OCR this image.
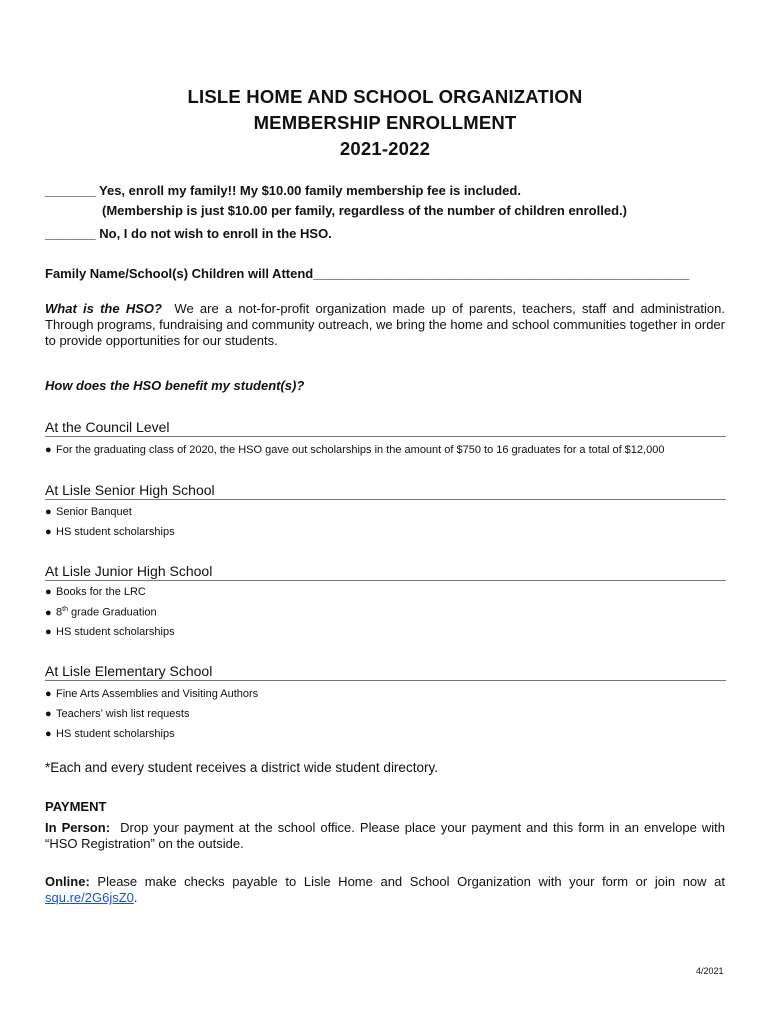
LISLE HOME AND SCHOOL ORGANIZATION
MEMBERSHIP ENROLLMENT
2021-2022
_______ Yes, enroll my family!! My $10.00 family membership fee is included.
(Membership is just $10.00 per family, regardless of the number of children enrolled.)
_______ No, I do not wish to enroll in the HSO.
Family Name/School(s) Children will Attend____________________________________________________
What is the HSO? We are a not-for-profit organization made up of parents, teachers, staff and administration. Through programs, fundraising and community outreach, we bring the home and school communities together in order to provide opportunities for our students.
How does the HSO benefit my student(s)?
At the Council Level
● For the graduating class of 2020, the HSO gave out scholarships in the amount of $750 to 16 graduates for a total of $12,000
At Lisle Senior High School
● Senior Banquet
● HS student scholarships
At Lisle Junior High School
● Books for the LRC
● 8th grade Graduation
● HS student scholarships
At Lisle Elementary School
● Fine Arts Assemblies and Visiting Authors
● Teachers’ wish list requests
● HS student scholarships
*Each and every student receives a district wide student directory.
PAYMENT
In Person: Drop your payment at the school office. Please place your payment and this form in an envelope with “HSO Registration” on the outside.
Online: Please make checks payable to Lisle Home and School Organization with your form or join now at squ.re/2G6jsZ0.
4/2021
